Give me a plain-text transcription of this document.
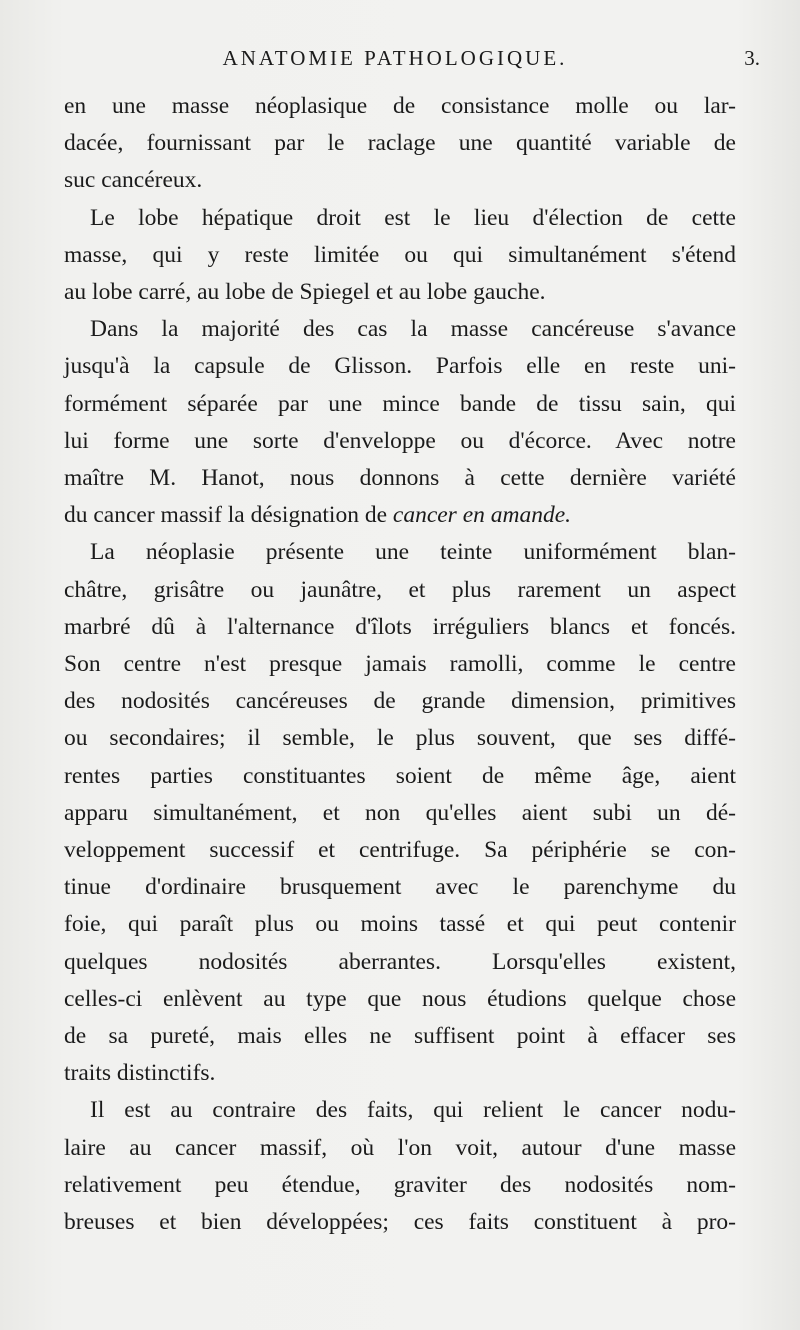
ANATOMIE PATHOLOGIQUE.	3.
en une masse néoplasique de consistance molle ou lar-
dacée, fournissant par le raclage une quantité variable de
suc cancéreux.
Le lobe hépatique droit est le lieu d'élection de cette
masse, qui y reste limitée ou qui simultanément s'étend
au lobe carré, au lobe de Spiegel et au lobe gauche.
Dans la majorité des cas la masse cancéreuse s'avance
jusqu'à la capsule de Glisson. Parfois elle en reste uni-
formément séparée par une mince bande de tissu sain, qui
lui forme une sorte d'enveloppe ou d'écorce. Avec notre
maître M. Hanot, nous donnons à cette dernière variété
du cancer massif la désignation de cancer en amande.
La néoplasie présente une teinte uniformément blan-
châtre, grisâtre ou jaunâtre, et plus rarement un aspect
marbré dû à l'alternance d'îlots irréguliers blancs et foncés.
Son centre n'est presque jamais ramolli, comme le centre
des nodosités cancéreuses de grande dimension, primitives
ou secondaires; il semble, le plus souvent, que ses diffé-
rentes parties constituantes soient de même âge, aient
apparu simultanément, et non qu'elles aient subi un dé-
veloppement successif et centrifuge. Sa périphérie se con-
tinue d'ordinaire brusquement avec le parenchyme du
foie, qui paraît plus ou moins tassé et qui peut contenir
quelques nodosités aberrantes. Lorsqu'elles existent,
celles-ci enlèvent au type que nous étudions quelque chose
de sa pureté, mais elles ne suffisent point à effacer ses
traits distinctifs.
Il est au contraire des faits, qui relient le cancer nodu-
laire au cancer massif, où l'on voit, autour d'une masse
relativement peu étendue, graviter des nodosités nom-
breuses et bien développées; ces faits constituent à pro-
